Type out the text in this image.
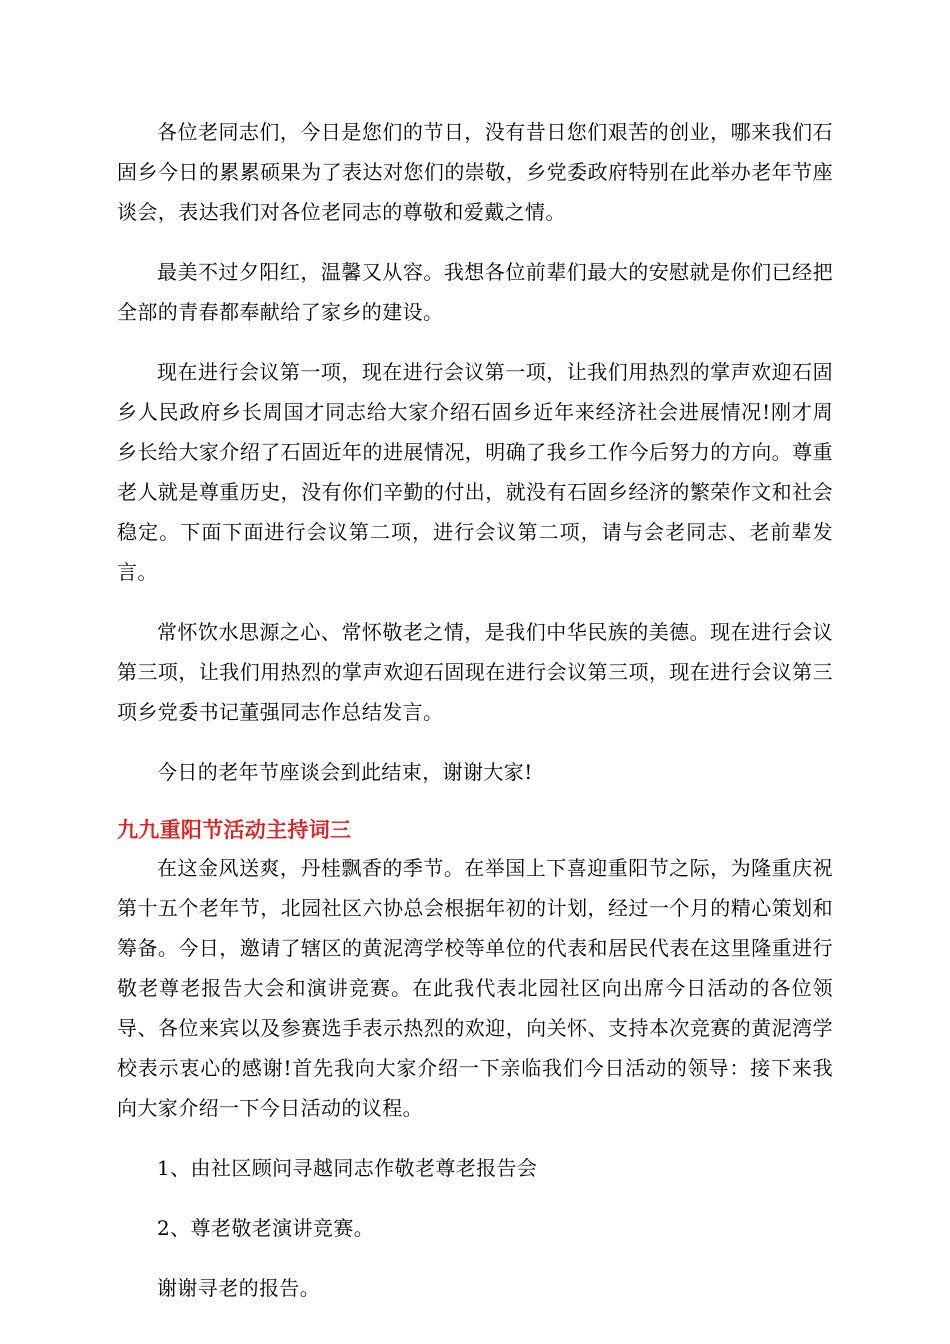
各位老同志们，今日是您们的节日，没有昔日您们艰苦的创业，哪来我们石固乡今日的累累硕果为了表达对您们的崇敬，乡党委政府特别在此举办老年节座谈会，表达我们对各位老同志的尊敬和爱戴之情。

最美不过夕阳红，温馨又从容。我想各位前辈们最大的安慰就是你们已经把全部的青春都奉献给了家乡的建设。

现在进行会议第一项，现在进行会议第一项，让我们用热烈的掌声欢迎石固乡人民政府乡长周国才同志给大家介绍石固乡近年来经济社会进展情况!刚才周乡长给大家介绍了石固近年的进展情况，明确了我乡工作今后努力的方向。尊重老人就是尊重历史，没有你们辛勤的付出，就没有石固乡经济的繁荣作文和社会稳定。下面下面进行会议第二项，进行会议第二项，请与会老同志、老前辈发言。

常怀饮水思源之心、常怀敬老之情，是我们中华民族的美德。现在进行会议第三项，让我们用热烈的掌声欢迎石固现在进行会议第三项，现在进行会议第三项乡党委书记董强同志作总结发言。

今日的老年节座谈会到此结束，谢谢大家!

九九重阳节活动主持词三

在这金风送爽，丹桂飘香的季节。在举国上下喜迎重阳节之际，为隆重庆祝第十五个老年节，北园社区六协总会根据年初的计划，经过一个月的精心策划和筹备。今日，邀请了辖区的黄泥湾学校等单位的代表和居民代表在这里隆重进行敬老尊老报告大会和演讲竞赛。在此我代表北园社区向出席今日活动的各位领导、各位来宾以及参赛选手表示热烈的欢迎，向关怀、支持本次竞赛的黄泥湾学校表示衷心的感谢!首先我向大家介绍一下亲临我们今日活动的领导：接下来我向大家介绍一下今日活动的议程。

1、由社区顾问寻越同志作敬老尊老报告会

2、尊老敬老演讲竞赛。

谢谢寻老的报告。
